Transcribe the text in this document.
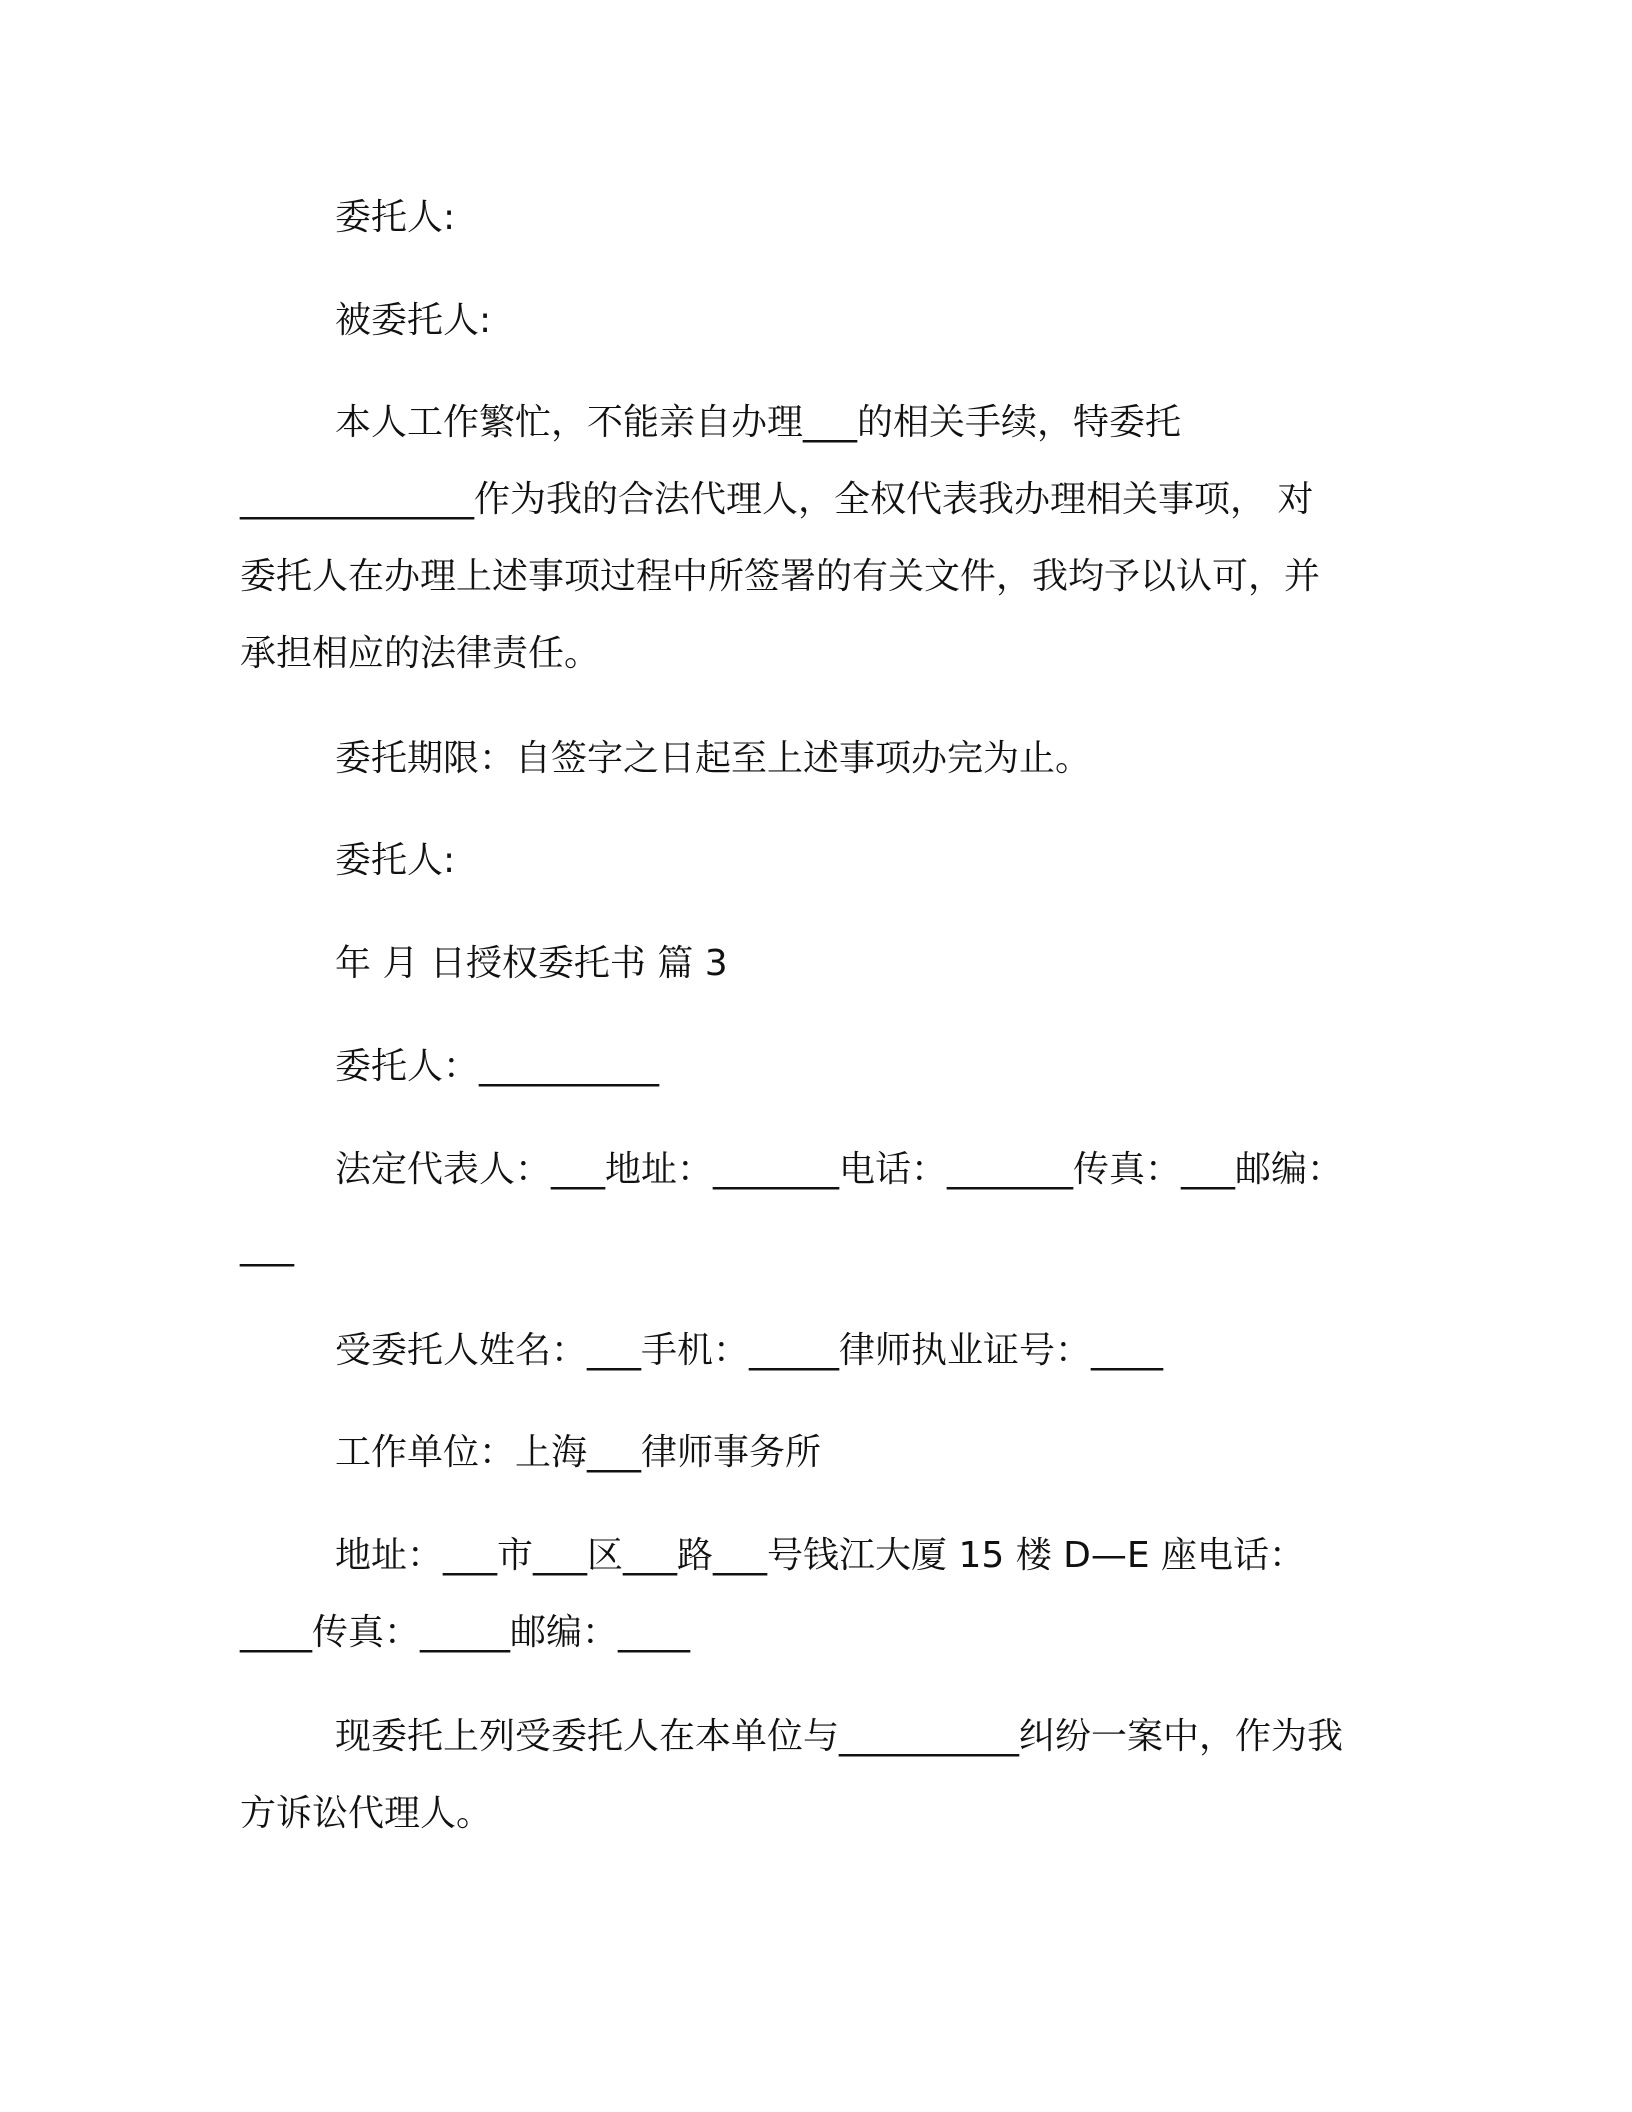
委托人:
被委托人:
本人工作繁忙，不能亲自办理___的相关手续，特委托
_____________作为我的合法代理人，全权代表我办理相关事项， 对
委托人在办理上述事项过程中所签署的有关文件，我均予以认可，并
承担相应的法律责任。
委托期限：自签字之日起至上述事项办完为止。
委托人:
年 月 日授权委托书 篇 3
委托人：__________
法定代表人：___地址：_______电话：_______传真：___邮编：
___
受委托人姓名：___手机：_____律师执业证号：____
工作单位：上海___律师事务所
地址：___市___区___路___号钱江大厦 15 楼 D—E 座电话：
____传真：_____邮编：____
现委托上列受委托人在本单位与__________纠纷一案中，作为我
方诉讼代理人。
